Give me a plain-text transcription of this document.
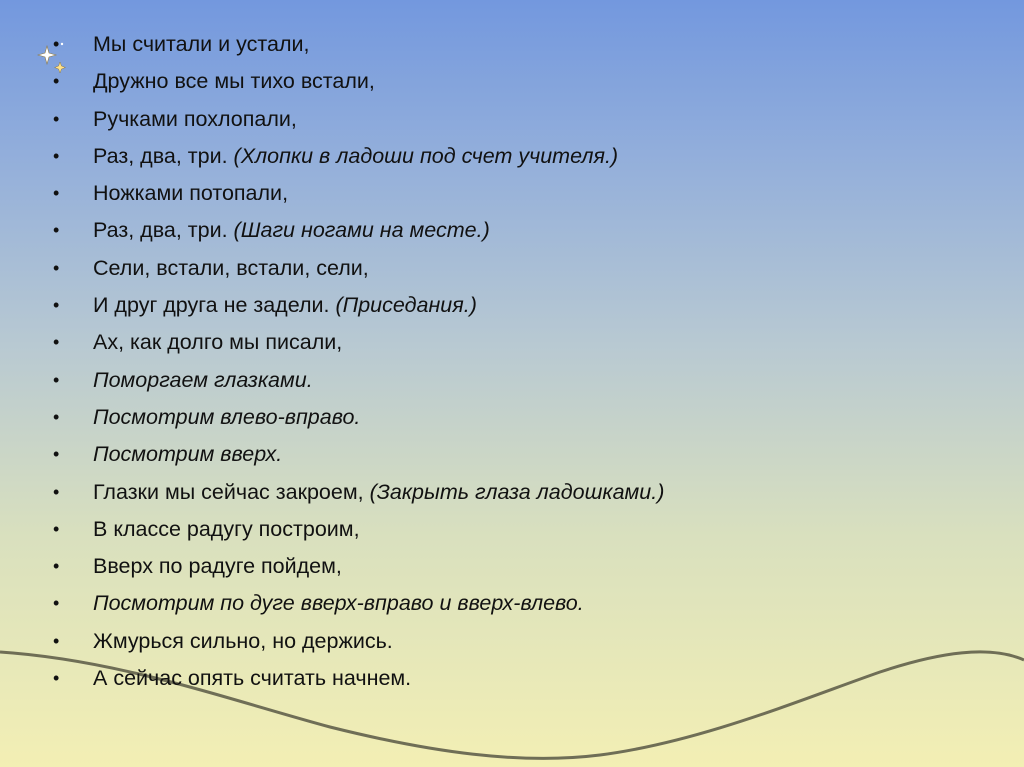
•	Мы считали и устали,
•	Дружно все мы тихо встали,
•	Ручками похлопали,
•	Раз, два, три. (Хлопки в ладоши под счет учителя.)
•	Ножками потопали,
•	Раз, два, три. (Шаги ногами на месте.)
•	Сели, встали, встали, сели,
•	И друг друга не задели. (Приседания.)
•	Ах, как долго мы писали,
•	Поморгаем глазками.
•	Посмотрим влево-вправо.
•	Посмотрим вверх.
•	Глазки мы сейчас закроем, (Закрыть глаза ладошками.)
•	В классе радугу построим,
•	Вверх по радуге пойдем,
•	Посмотрим по дуге вверх-вправо и вверх-влево.
•	Жмурься сильно, но держись.
•	А сейчас опять считать начнем.
